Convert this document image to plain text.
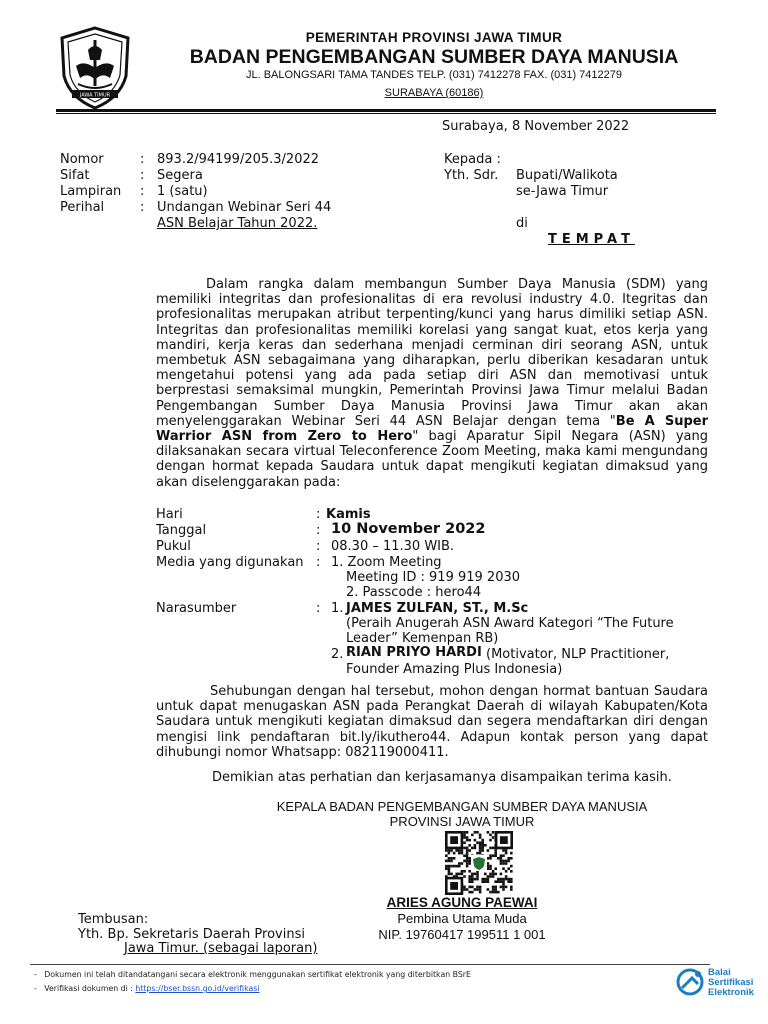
JAWA TIMUR
PEMERINTAH PROVINSI JAWA TIMUR
BADAN PENGEMBANGAN SUMBER DAYA MANUSIA
JL. BALONGSARI TAMA TANDES TELP. (031) 7412278 FAX. (031) 7412279
SURABAYA (60186)
Surabaya, 8 November 2022
Nomor	: 893.2/94199/205.3/2022
Sifat	: Segera
Lampiran : 1 (satu)
Perihal	: Undangan Webinar Seri 44
ASN Belajar Tahun 2022.
Kepada :
Yth. Sdr. Bupati/Walikota
se-Jawa Timur
di
TEMPAT
Dalam rangka dalam membangun Sumber Daya Manusia (SDM) yang memiliki integritas dan profesionalitas di era revolusi industry 4.0. Itegritas dan profesionalitas merupakan atribut terpenting/kunci yang harus dimiliki setiap ASN. Integritas dan profesionalitas memiliki korelasi yang sangat kuat, etos kerja yang mandiri, kerja keras dan sederhana menjadi cerminan diri seorang ASN, untuk membetuk ASN sebagaimana yang diharapkan, perlu diberikan kesadaran untuk mengetahui potensi yang ada pada setiap diri ASN dan memotivasi untuk berprestasi semaksimal mungkin, Pemerintah Provinsi Jawa Timur melalui Badan Pengembangan Sumber Daya Manusia Provinsi Jawa Timur akan akan menyelenggarakan Webinar Seri 44 ASN Belajar dengan tema "Be A Super Warrior ASN from Zero to Hero" bagi Aparatur Sipil Negara (ASN) yang dilaksanakan secara virtual Teleconference Zoom Meeting, maka kami mengundang dengan hormat kepada Saudara untuk dapat mengikuti kegiatan dimaksud yang akan diselenggarakan pada:
Hari	: Kamis
Tanggal	: 10 November 2022
Pukul	: 08.30 – 11.30 WIB.
Media yang digunakan : 1. Zoom Meeting
Meeting ID : 919 919 2030
2. Passcode : hero44
Narasumber	: 1. JAMES ZULFAN, ST., M.Sc
(Peraih Anugerah ASN Award Kategori “The Future
Leader” Kemenpan RB)
2. RIAN PRIYO HARDI (Motivator, NLP Practitioner,
Founder Amazing Plus Indonesia)
Sehubungan dengan hal tersebut, mohon dengan hormat bantuan Saudara untuk dapat menugaskan ASN pada Perangkat Daerah di wilayah Kabupaten/Kota Saudara untuk mengikuti kegiatan dimaksud dan segera mendaftarkan diri dengan mengisi link pendaftaran bit.ly/ikuthero44. Adapun kontak person yang dapat dihubungi nomor Whatsapp: 082119000411.
Demikian atas perhatian dan kerjasamanya disampaikan terima kasih.
KEPALA BADAN PENGEMBANGAN SUMBER DAYA MANUSIA
PROVINSI JAWA TIMUR
ARIES AGUNG PAEWAI
Pembina Utama Muda
NIP. 19760417 199511 1 001
Tembusan:
Yth. Bp. Sekretaris Daerah Provinsi
Jawa Timur. (sebagai laporan)
-   Dokumen ini telah ditandatangani secara elektronik menggunakan sertifikat elektronik yang diterbitkan BSrE
-   Verifikasi dokumen di : https://bser.bssn.go.id/verifikasi
Balai
Sertifikasi
Elektronik
